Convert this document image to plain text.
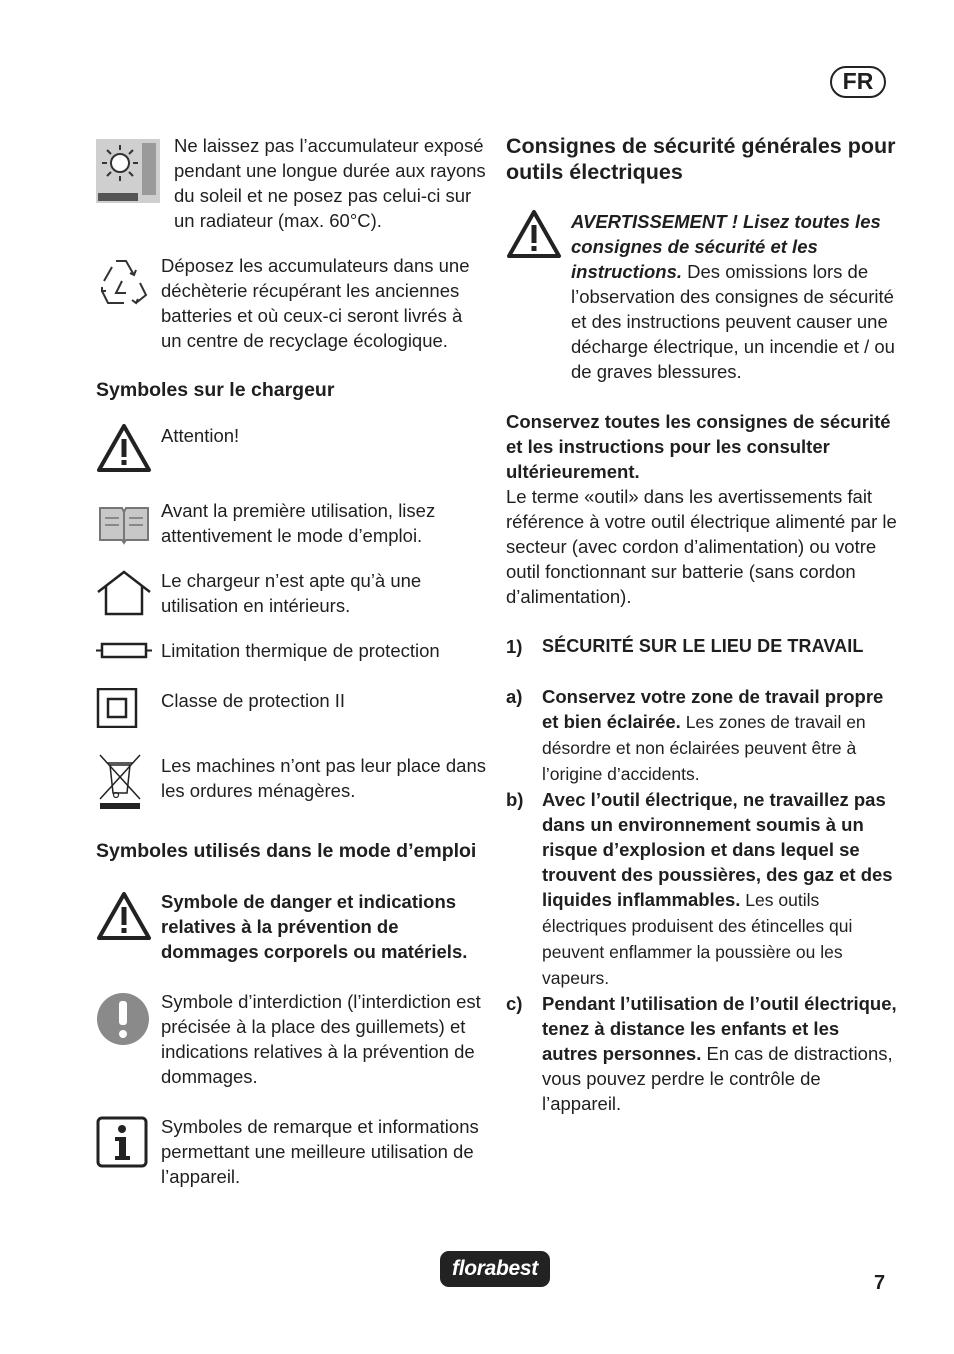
FR
Ne laissez pas l’accumulateur exposé pendant une longue durée aux rayons du soleil et ne posez pas celui-ci sur un radiateur (max. 60°C).
Déposez les accumulateurs dans une déchèterie récupérant les anciennes batteries et où ceux-ci seront livrés à un centre de recyclage écologique.
Symboles sur le chargeur
Attention!
Avant la première utilisation, lisez attentivement le mode d’emploi.
Le chargeur n’est apte qu’à une utilisation en intérieurs.
Limitation thermique de protection
Classe de protection II
Les machines n’ont pas leur place dans les ordures ménagères.
Symboles utilisés dans le mode d’emploi
Symbole de danger et indications relatives à la prévention de dommages corporels ou matériels.
Symbole d’interdiction (l’interdiction est précisée à la place des guillemets) et indications relatives à la prévention de dommages.
Symboles de remarque et informations permettant une meilleure utilisation de l’appareil.
Consignes de sécurité générales pour outils électriques
AVERTISSEMENT ! Lisez toutes les consignes de sécurité et les instructions. Des omissions lors de l’observation des consignes de sécurité et des instructions peuvent causer une décharge électrique, un incendie et / ou de graves blessures.
Conservez toutes les consignes de sécurité et les instructions pour les consulter ultérieurement.
Le terme «outil» dans les avertissements fait référence à votre outil électrique alimenté par le secteur (avec cordon d’alimentation) ou votre outil fonctionnant sur batterie (sans cordon d’alimentation).
1)	SÉCURITÉ SUR LE LIEU DE TRAVAIL
a)	Conservez votre zone de travail propre et bien éclairée. Les zones de travail en désordre et non éclairées peuvent être à l’origine d’accidents.
b)	Avec l’outil électrique, ne travaillez pas dans un environnement soumis à un risque d’explosion et dans lequel se trouvent des poussières, des gaz et des liquides inflammables. Les outils électriques produisent des étincelles qui peuvent enflammer la poussière ou les vapeurs.
c)	Pendant l’utilisation de l’outil électrique, tenez à distance les enfants et les autres personnes. En cas de distractions, vous pouvez perdre le contrôle de l’appareil.
florabest
7
